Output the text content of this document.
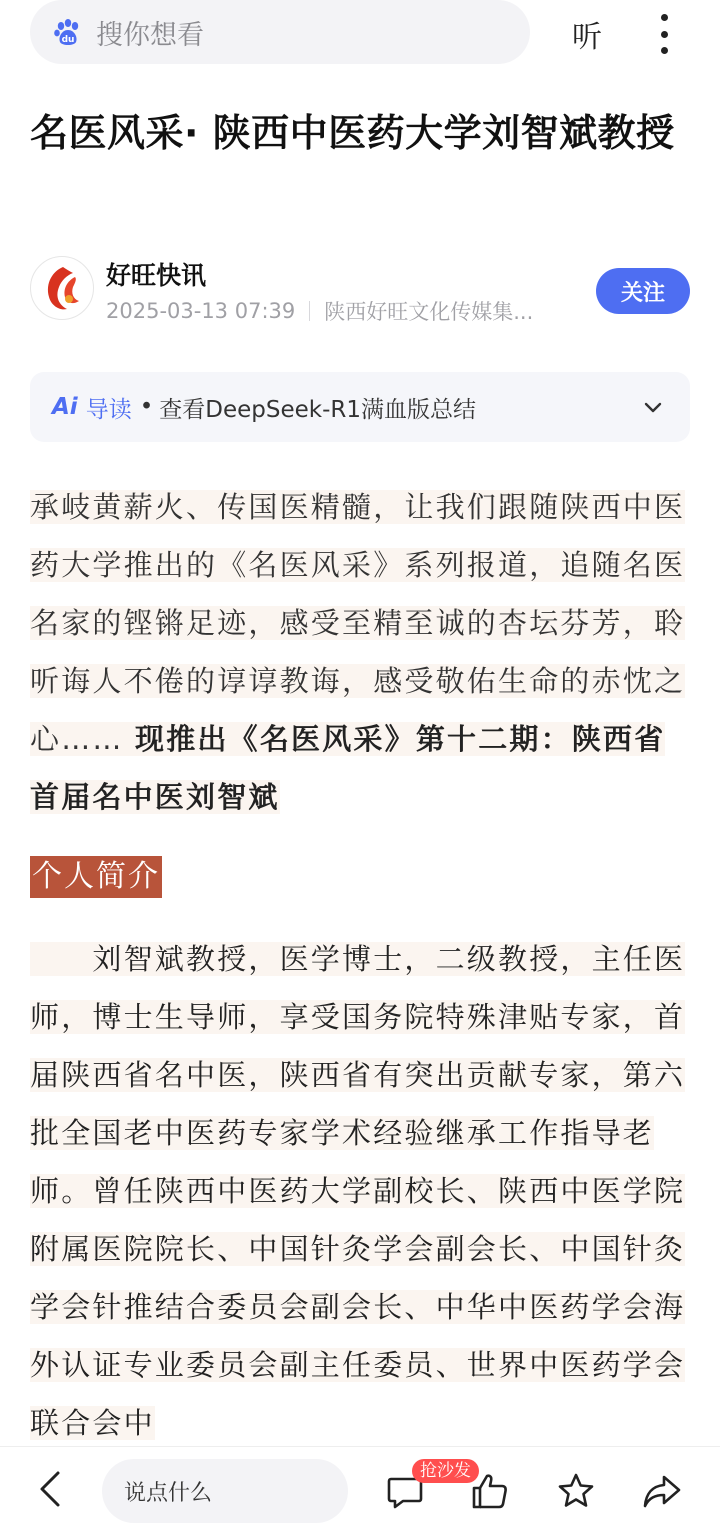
du 搜你想看	听
名医风采· 陕西中医药大学刘智斌教授
好旺快讯
2025-03-13 07:39 陕西好旺文化传媒集...
关注
Ai 导读 • 查看DeepSeek-R1满血版总结

承岐黄薪火、传国医精髓，让我们跟随陕西中医药大学推出的《名医风采》系列报道，追随名医名家的铿锵足迹，感受至精至诚的杏坛芬芳，聆听诲人不倦的谆谆教诲，感受敬佑生命的赤忱之心…… 现推出《名医风采》第十二期：陕西省首届名中医刘智斌

个人简介

　　刘智斌教授，医学博士，二级教授，主任医师，博士生导师，享受国务院特殊津贴专家，首届陕西省名中医，陕西省有突出贡献专家，第六批全国老中医药专家学术经验继承工作指导老师。曾任陕西中医药大学副校长、陕西中医学院附属医院院长、中国针灸学会副会长、中国针灸学会针推结合委员会副会长、中华中医药学会海外认证专业委员会副主任委员、世界中医药学会联合会中

说点什么
抢沙发
